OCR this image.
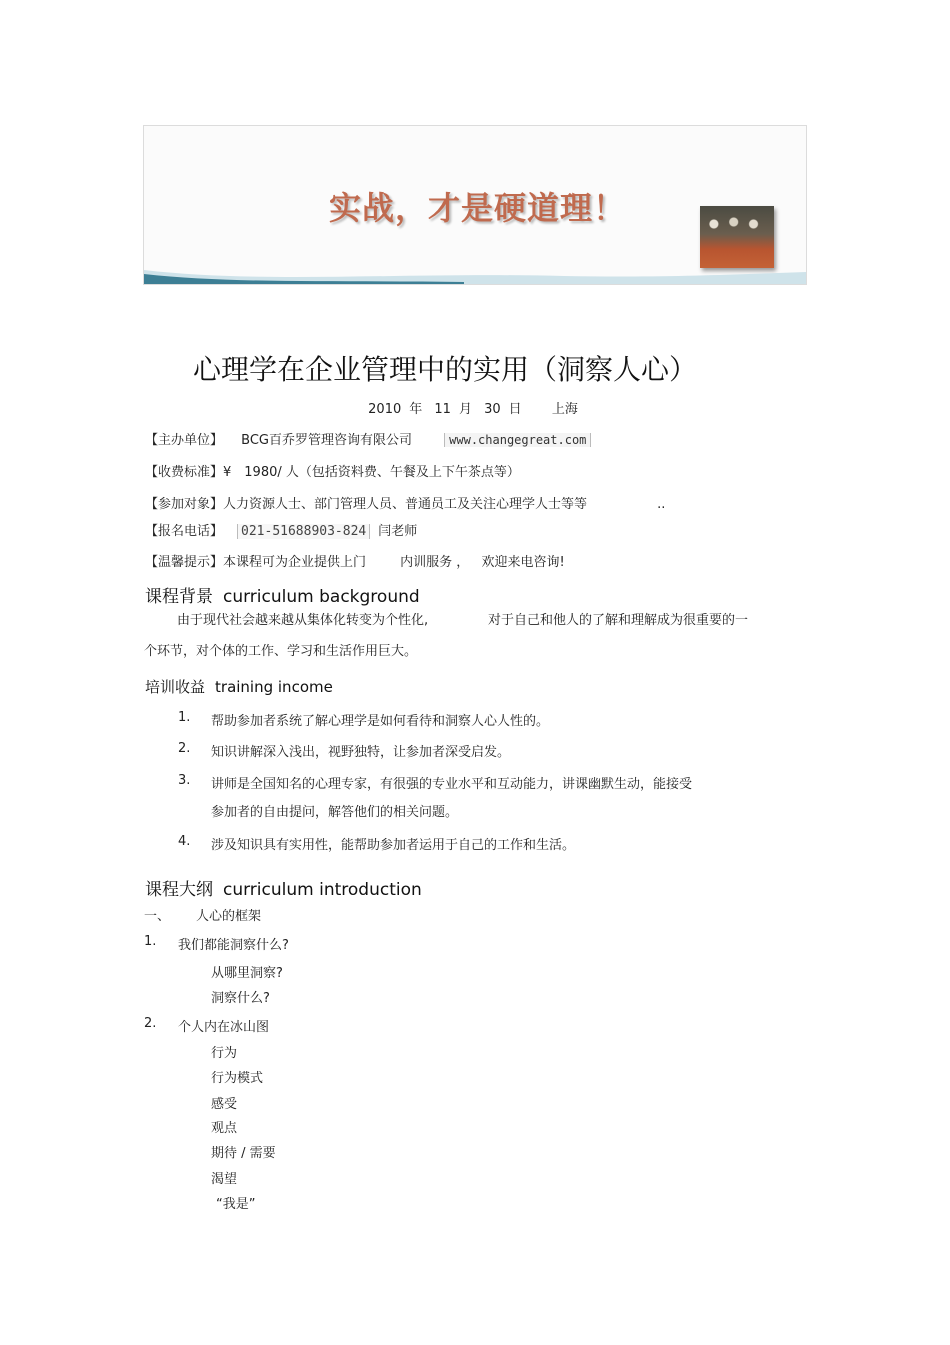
实战，才是硬道理！
心理学在企业管理中的实用（洞察人心）
2010 年 11 月 30 日 上海
【主办单位】 BCG百乔罗管理咨询有限公司	www.changegreat.com
【收费标准】¥　1980/ 人（包括资料费、午餐及上下午茶点等）
【参加对象】人力资源人士、部门管理人员、普通员工及关注心理学人士等等	..
【报名电话】 021-51688903-824 闫老师
【温馨提示】本课程可为企业提供上门	内训服务 ， 欢迎来电咨询!
课程背景 curriculum background
由于现代社会越来越从集体化转变为个性化,	对于自己和他人的了解和理解成为很重要的一
个环节，对个体的工作、学习和生活作用巨大。
培训收益 training income
1. 帮助参加者系统了解心理学是如何看待和洞察人心人性的。
2. 知识讲解深入浅出，视野独特，让参加者深受启发。
3. 讲师是全国知名的心理专家，有很强的专业水平和互动能力，讲课幽默生动，能接受
参加者的自由提问，解答他们的相关问题。
4. 涉及知识具有实用性，能帮助参加者运用于自己的工作和生活。
课程大纲 curriculum introduction
一、 人心的框架
1. 我们都能洞察什么?
从哪里洞察?
洞察什么?
2. 个人内在冰山图
行为
行为模式
感受
观点
期待 / 需要
渴望
“我是”
